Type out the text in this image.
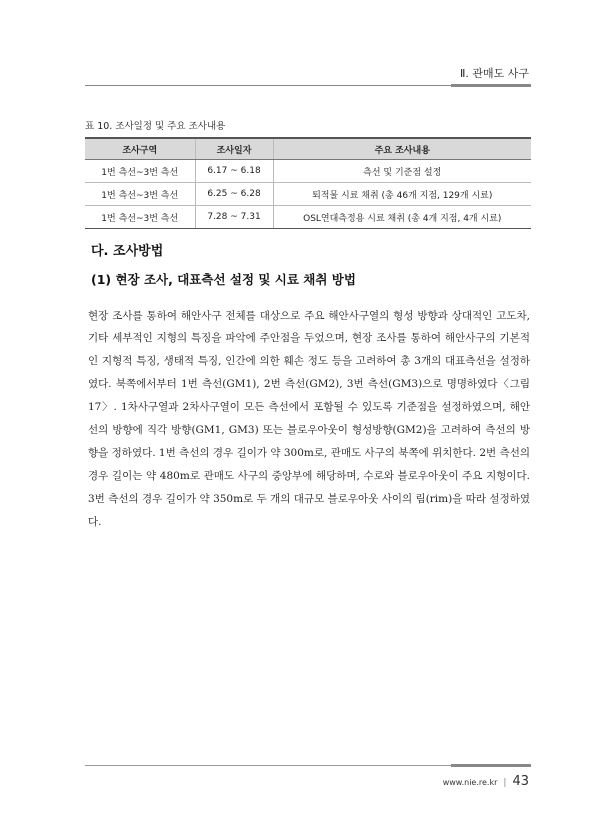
Ⅱ. 관매도 사구
표 10. 조사일정 및 주요 조사내용
조사구역	조사일자	주요 조사내용
1번 측선~3번 측선	6.17 ~ 6.18	측선 및 기준점 설정
1번 측선~3번 측선	6.25 ~ 6.28	퇴적물 시료 채취 (총 46개 지점, 129개 시료)
1번 측선~3번 측선	7.28 ~ 7.31	OSL연대측정용 시료 채취 (총 4개 지점, 4개 시료)
다. 조사방법
(1) 현장 조사, 대표측선 설정 및 시료 채취 방법

현장 조사를 통하여 해안사구 전체를 대상으로 주요 해안사구열의 형성 방향과 상대적인 고도차, 기타 세부적인 지형의 특징을 파악에 주안점을 두었으며, 현장 조사를 통하여 해안사구의 기본적인 지형적 특징, 생태적 특징, 인간에 의한 훼손 정도 등을 고려하여 총 3개의 대표측선을 설정하였다. 북쪽에서부터 1번 측선(GM1), 2번 측선(GM2), 3번 측선(GM3)으로 명명하였다〈그림 17〉. 1차사구열과 2차사구열이 모든 측선에서 포함될 수 있도록 기준점을 설정하였으며, 해안선의 방향에 직각 방향(GM1, GM3) 또는 블로우아웃이 형성방향(GM2)을 고려하여 측선의 방향을 정하였다. 1번 측선의 경우 길이가 약 300m로, 관매도 사구의 북쪽에 위치한다. 2번 측선의 경우 길이는 약 480m로 관매도 사구의 중앙부에 해당하며, 수로와 블로우아웃이 주요 지형이다. 3번 측선의 경우 길이가 약 350m로 두 개의 대규모 블로우아웃 사이의 림(rim)을 따라 설정하였다.

www.nie.re.kr | 43
